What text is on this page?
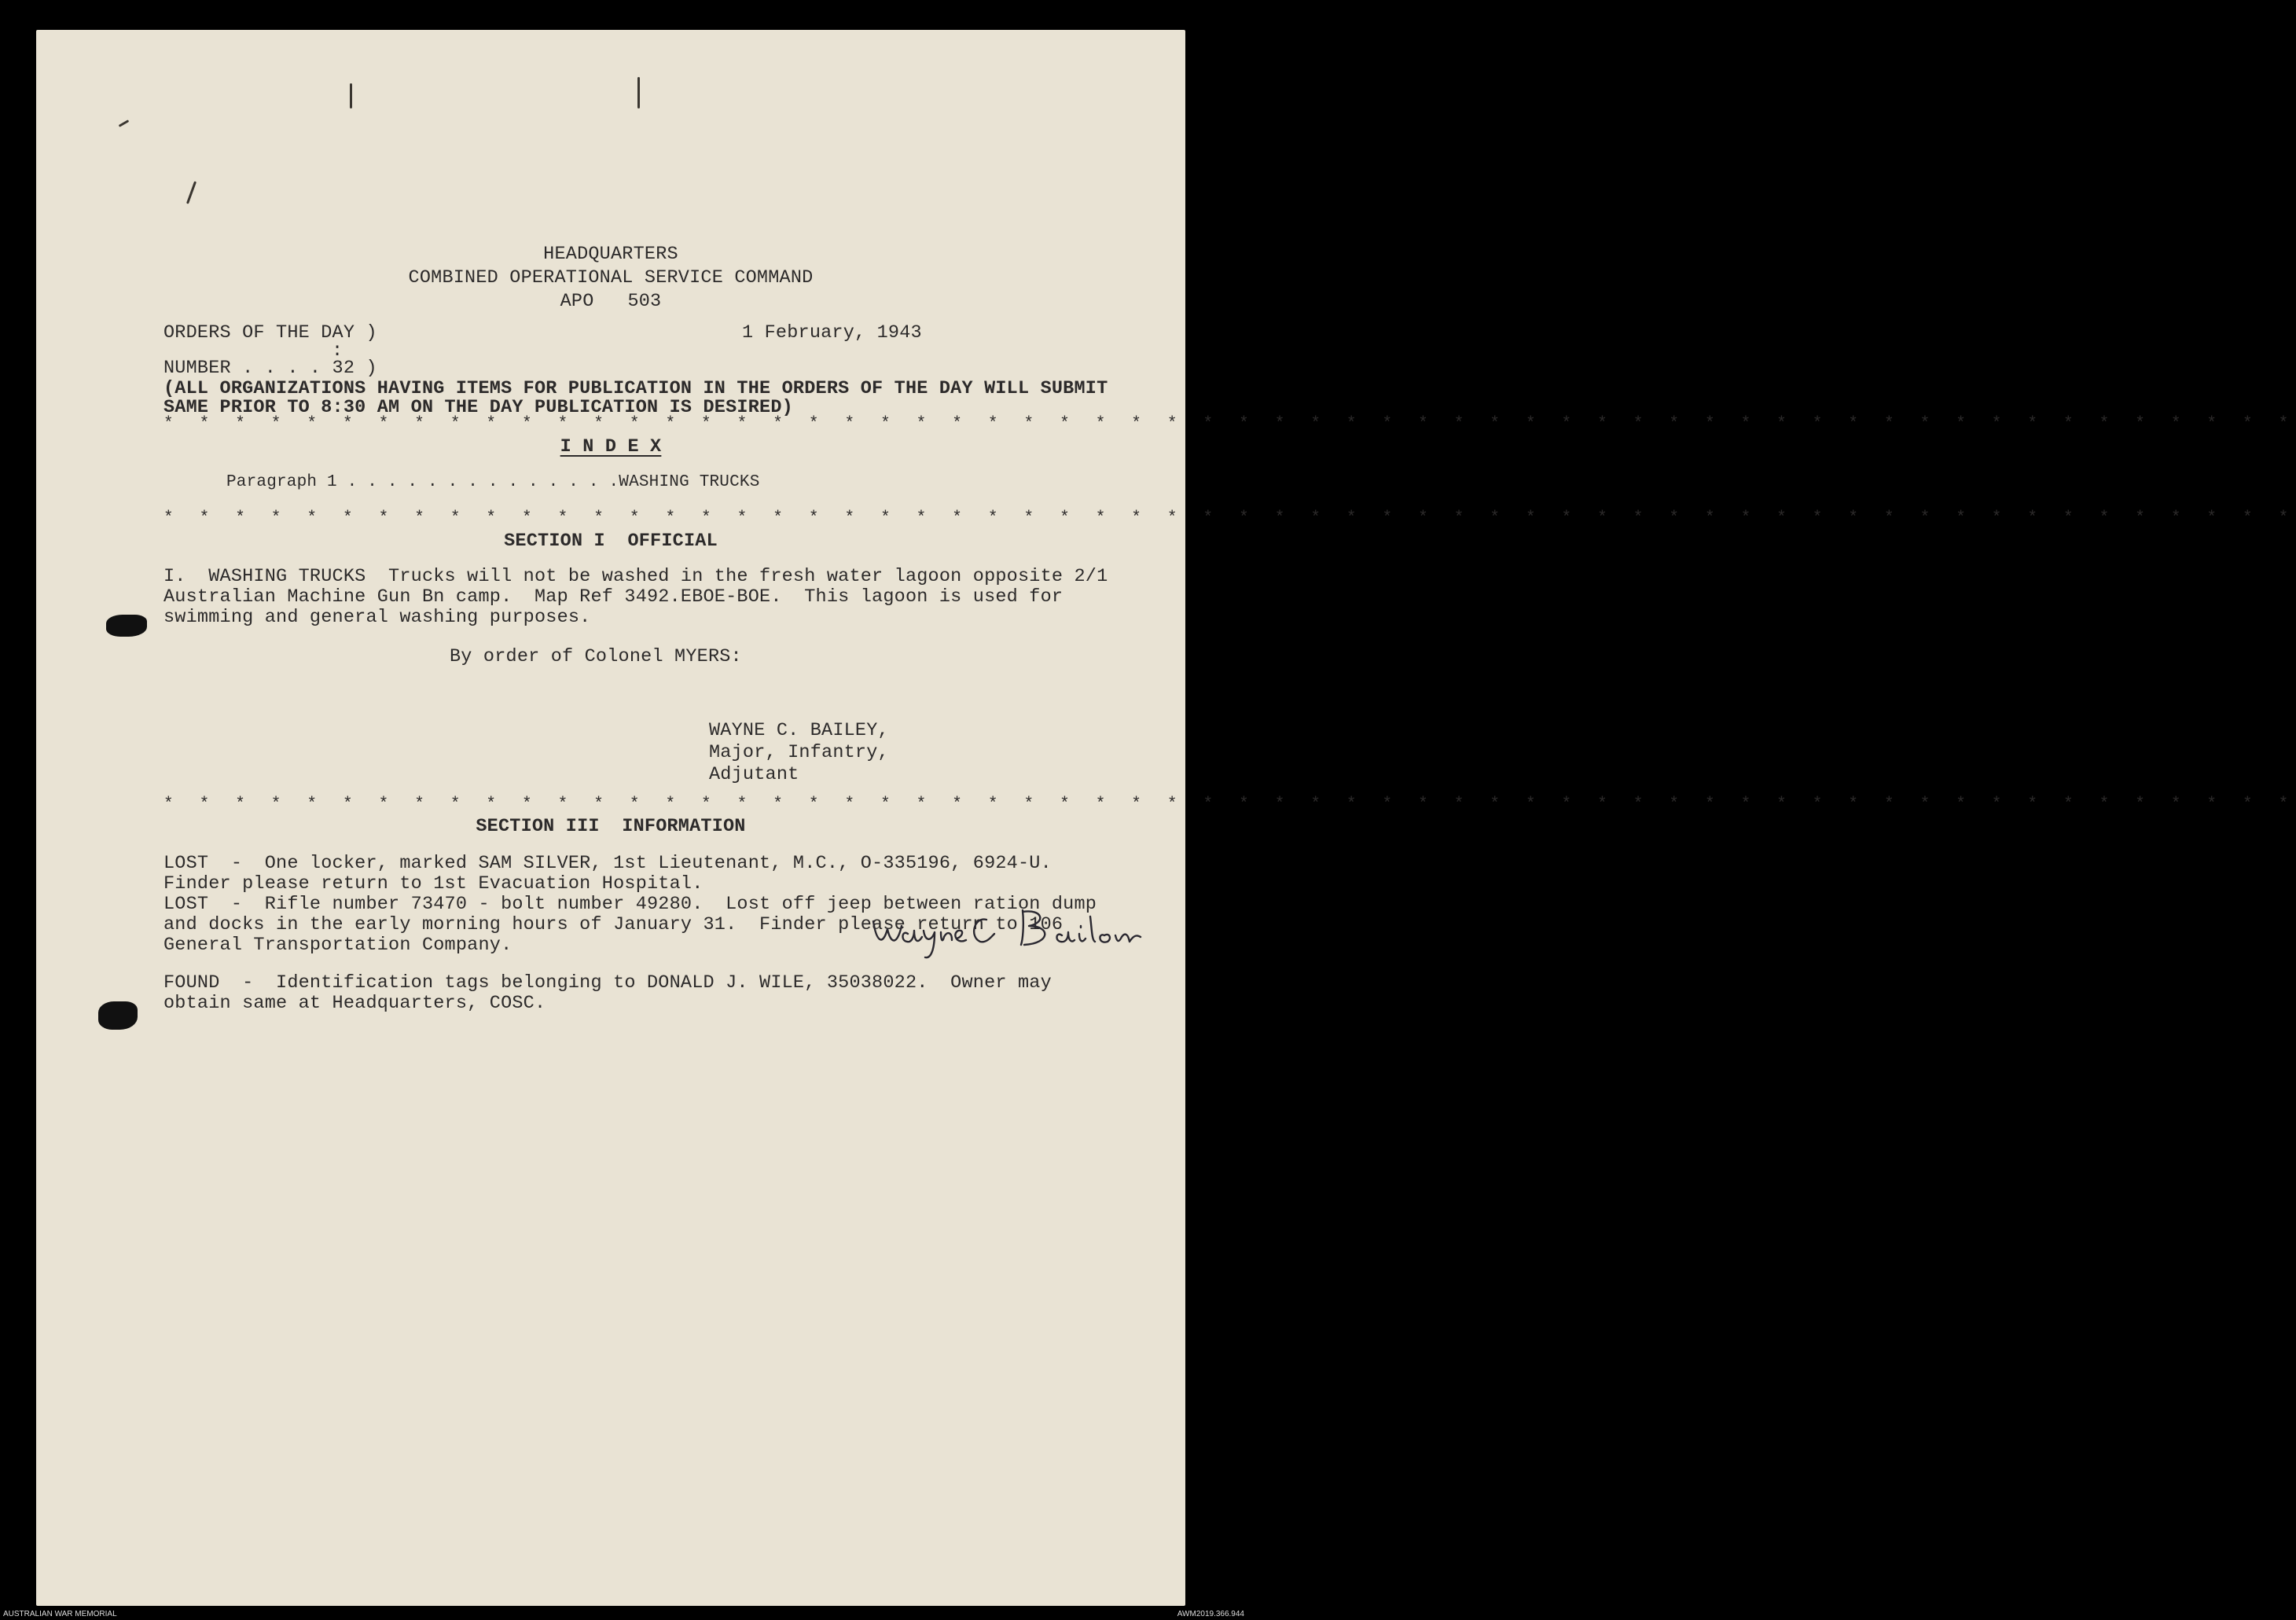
HEADQUARTERS
COMBINED OPERATIONAL SERVICE COMMAND
APO   503
ORDERS OF THE DAY )	1 February, 1943
:
NUMBER . . . . 32 )
(ALL ORGANIZATIONS HAVING ITEMS FOR PUBLICATION IN THE ORDERS OF THE DAY WILL SUBMIT
SAME PRIOR TO 8:30 AM ON THE DAY PUBLICATION IS DESIRED)
* * * * * * * * * * * * * * * * * * * * * * * * * * * * * * * * * * * * * * * * * * * * * * * * * * * * * * * * * * * *
I N D E X
Paragraph 1 . . . . . . . . . . . . . .WASHING TRUCKS
* * * * * * * * * * * * * * * * * * * * * * * * * * * * * * * * * * * * * * * * * * * * * * * * * * * * * * * * * * * *
SECTION I  OFFICIAL
I.  WASHING TRUCKS  Trucks will not be washed in the fresh water lagoon opposite 2/1
Australian Machine Gun Bn camp.  Map Ref 3492.EBOE-BOE.  This lagoon is used for
swimming and general washing purposes.
By order of Colonel MYERS:
WAYNE C. BAILEY,
Major, Infantry,
Adjutant
* * * * * * * * * * * * * * * * * * * * * * * * * * * * * * * * * * * * * * * * * * * * * * * * * * * * * * * * * * * *
SECTION III  INFORMATION
LOST  -  One locker, marked SAM SILVER, 1st Lieutenant, M.C., O-335196, 6924-U.
Finder please return to 1st Evacuation Hospital.
LOST  -  Rifle number 73470 - bolt number 49280.  Lost off jeep between ration dump
and docks in the early morning hours of January 31.  Finder please return to 106
General Transportation Company.
FOUND  -  Identification tags belonging to DONALD J. WILE, 35038022.  Owner may
obtain same at Headquarters, COSC.
AUSTRALIAN WAR MEMORIAL	AWM2019.366.944
